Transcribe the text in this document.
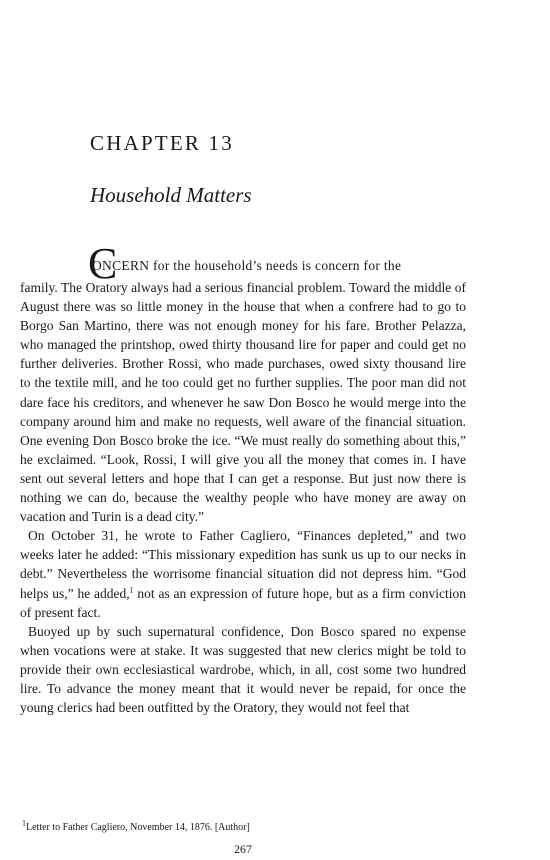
CHAPTER 13
Household Matters

C
ONCERN for the household’s needs is concern for the
family. The Oratory always had a serious financial problem. Toward the middle of August there was so little money in the house that when a confrere had to go to Borgo San Martino, there was not enough money for his fare. Brother Pelazza, who managed the printshop, owed thirty thousand lire for paper and could get no further deliveries. Brother Rossi, who made purchases, owed sixty thousand lire to the textile mill, and he too could get no further supplies. The poor man did not dare face his creditors, and whenever he saw Don Bosco he would merge into the company around him and make no requests, well aware of the financial situation. One evening Don Bosco broke the ice. “We must really do something about this,” he exclaimed. “Look, Rossi, I will give you all the money that comes in. I have sent out several letters and hope that I can get a response. But just now there is nothing we can do, because the wealthy people who have money are away on vacation and Turin is a dead city.”

On October 31, he wrote to Father Cagliero, “Finances depleted,” and two weeks later he added: “This missionary expedition has sunk us up to our necks in debt.” Nevertheless the worrisome financial situation did not depress him. “God helps us,” he added,$^1$ not as an expression of future hope, but as a firm conviction of present fact.

Buoyed up by such supernatural confidence, Don Bosco spared no expense when vocations were at stake. It was suggested that new clerics might be told to provide their own ecclesiastical wardrobe, which, in all, cost some two hundred lire. To advance the money meant that it would never be repaid, for once the young clerics had been outfitted by the Oratory, they would not feel that

$^1$Letter to Father Cagliero, November 14, 1876. [Author]
267
